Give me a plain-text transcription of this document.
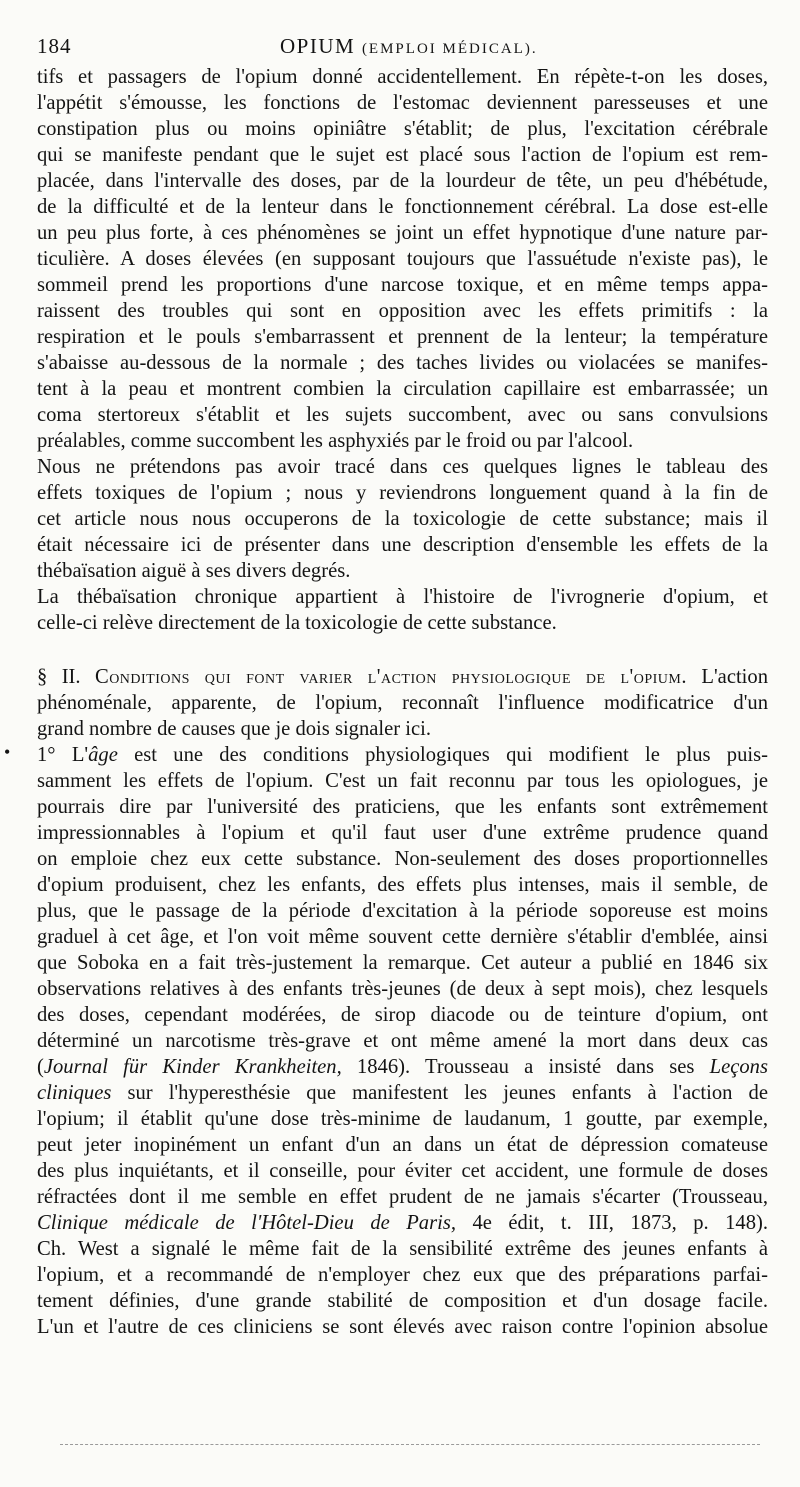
184	OPIUM (EMPLOI MÉDICAL).
•
tifs et passagers de l'opium donné accidentellement. En répète-t-on les doses,
l'appétit s'émousse, les fonctions de l'estomac deviennent paresseuses et une
constipation plus ou moins opiniâtre s'établit; de plus, l'excitation cérébrale
qui se manifeste pendant que le sujet est placé sous l'action de l'opium est rem-
placée, dans l'intervalle des doses, par de la lourdeur de tête, un peu d'hébétude,
de la difficulté et de la lenteur dans le fonctionnement cérébral. La dose est-elle
un peu plus forte, à ces phénomènes se joint un effet hypnotique d'une nature par-
ticulière. A doses élevées (en supposant toujours que l'assuétude n'existe pas), le
sommeil prend les proportions d'une narcose toxique, et en même temps appa-
raissent des troubles qui sont en opposition avec les effets primitifs : la
respiration et le pouls s'embarrassent et prennent de la lenteur; la température
s'abaisse au-dessous de la normale ; des taches livides ou violacées se manifes-
tent à la peau et montrent combien la circulation capillaire est embarrassée; un
coma stertoreux s'établit et les sujets succombent, avec ou sans convulsions
préalables, comme succombent les asphyxiés par le froid ou par l'alcool.
Nous ne prétendons pas avoir tracé dans ces quelques lignes le tableau des
effets toxiques de l'opium ; nous y reviendrons longuement quand à la fin de
cet article nous nous occuperons de la toxicologie de cette substance; mais il
était nécessaire ici de présenter dans une description d'ensemble les effets de la
thébaïsation aiguë à ses divers degrés.
La thébaïsation chronique appartient à l'histoire de l'ivrognerie d'opium, et
celle-ci relève directement de la toxicologie de cette substance.
§ II. Conditions qui font varier l'action physiologique de l'opium. L'action
phénoménale, apparente, de l'opium, reconnaît l'influence modificatrice d'un
grand nombre de causes que je dois signaler ici.
1° L'âge est une des conditions physiologiques qui modifient le plus puis-
samment les effets de l'opium. C'est un fait reconnu par tous les opiologues, je
pourrais dire par l'université des praticiens, que les enfants sont extrêmement
impressionnables à l'opium et qu'il faut user d'une extrême prudence quand
on emploie chez eux cette substance. Non-seulement des doses proportionnelles
d'opium produisent, chez les enfants, des effets plus intenses, mais il semble, de
plus, que le passage de la période d'excitation à la période soporeuse est moins
graduel à cet âge, et l'on voit même souvent cette dernière s'établir d'emblée, ainsi
que Soboka en a fait très-justement la remarque. Cet auteur a publié en 1846 six
observations relatives à des enfants très-jeunes (de deux à sept mois), chez lesquels
des doses, cependant modérées, de sirop diacode ou de teinture d'opium, ont
déterminé un narcotisme très-grave et ont même amené la mort dans deux cas
(Journal für Kinder Krankheiten, 1846). Trousseau a insisté dans ses Leçons
cliniques sur l'hyperesthésie que manifestent les jeunes enfants à l'action de
l'opium; il établit qu'une dose très-minime de laudanum, 1 goutte, par exemple,
peut jeter inopinément un enfant d'un an dans un état de dépression comateuse
des plus inquiétants, et il conseille, pour éviter cet accident, une formule de doses
réfractées dont il me semble en effet prudent de ne jamais s'écarter (Trousseau,
Clinique médicale de l'Hôtel-Dieu de Paris, 4e édit, t. III, 1873, p. 148).
Ch. West a signalé le même fait de la sensibilité extrême des jeunes enfants à
l'opium, et a recommandé de n'employer chez eux que des préparations parfai-
tement définies, d'une grande stabilité de composition et d'un dosage facile.
L'un et l'autre de ces cliniciens se sont élevés avec raison contre l'opinion absolue
